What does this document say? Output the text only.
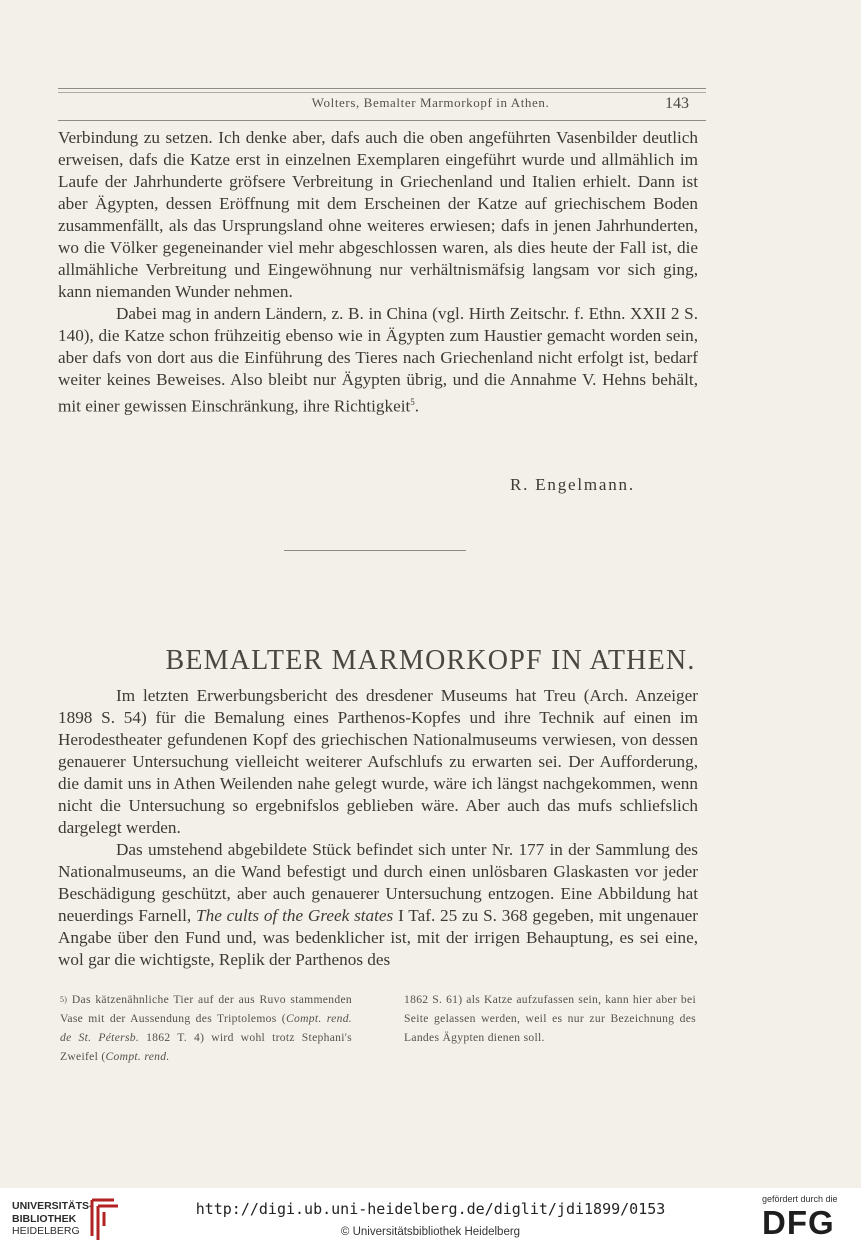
Wolters, Bemalter Marmorkopf in Athen.	143

Verbindung zu setzen. Ich denke aber, dafs auch die oben angeführten Vasenbilder deutlich erweisen, dafs die Katze erst in einzelnen Exemplaren eingeführt wurde und allmählich im Laufe der Jahrhunderte gröfsere Verbreitung in Griechenland und Italien erhielt. Dann ist aber Ägypten, dessen Eröffnung mit dem Erscheinen der Katze auf griechischem Boden zusammenfällt, als das Ursprungsland ohne weiteres erwiesen; dafs in jenen Jahrhunderten, wo die Völker gegeneinander viel mehr abgeschlossen waren, als dies heute der Fall ist, die allmähliche Verbreitung und Eingewöhnung nur verhältnismäfsig langsam vor sich ging, kann niemanden Wunder nehmen.

Dabei mag in andern Ländern, z. B. in China (vgl. Hirth Zeitschr. f. Ethn. XXII 2 S. 140), die Katze schon frühzeitig ebenso wie in Ägypten zum Haustier gemacht worden sein, aber dafs von dort aus die Einführung des Tieres nach Griechenland nicht erfolgt ist, bedarf weiter keines Beweises. Also bleibt nur Ägypten übrig, und die Annahme V. Hehns behält, mit einer gewissen Einschränkung, ihre Richtigkeit$^5$.

R. Engelmann.
BEMALTER MARMORKOPF IN ATHEN.

Im letzten Erwerbungsbericht des dresdener Museums hat Treu (Arch. Anzeiger 1898 S. 54) für die Bemalung eines Parthenos-Kopfes und ihre Technik auf einen im Herodestheater gefundenen Kopf des griechischen Nationalmuseums verwiesen, von dessen genauerer Untersuchung vielleicht weiterer Aufschlufs zu erwarten sei. Der Aufforderung, die damit uns in Athen Weilenden nahe gelegt wurde, wäre ich längst nachgekommen, wenn nicht die Untersuchung so ergebnifslos geblieben wäre. Aber auch das mufs schliefslich dargelegt werden.

Das umstehend abgebildete Stück befindet sich unter Nr. 177 in der Sammlung des Nationalmuseums, an die Wand befestigt und durch einen unlösbaren Glaskasten vor jeder Beschädigung geschützt, aber auch genauerer Untersuchung entzogen. Eine Abbildung hat neuerdings Farnell, The cults of the Greek states I Taf. 25 zu S. 368 gegeben, mit ungenauer Angabe über den Fund und, was bedenklicher ist, mit der irrigen Behauptung, es sei eine, wol gar die wichtigste, Replik der Parthenos des

$^{5)}$ Das kätzenähnliche Tier auf der aus Ruvo stammenden Vase mit der Aussendung des Triptolemos (Compt. rend. de St. Pétersb. 1862 T. 4) wird wohl trotz Stephani's Zweifel (Compt. rend.

1862 S. 61) als Katze aufzufassen sein, kann hier aber bei Seite gelassen werden, weil es nur zur Bezeichnung des Landes Ägypten dienen soll.

UNIVERSITÄTS-
BIBLIOTHEK
HEIDELBERG
http://digi.ub.uni-heidelberg.de/diglit/jdi1899/0153
© Universitätsbibliothek Heidelberg
gefördert durch die
DFG
